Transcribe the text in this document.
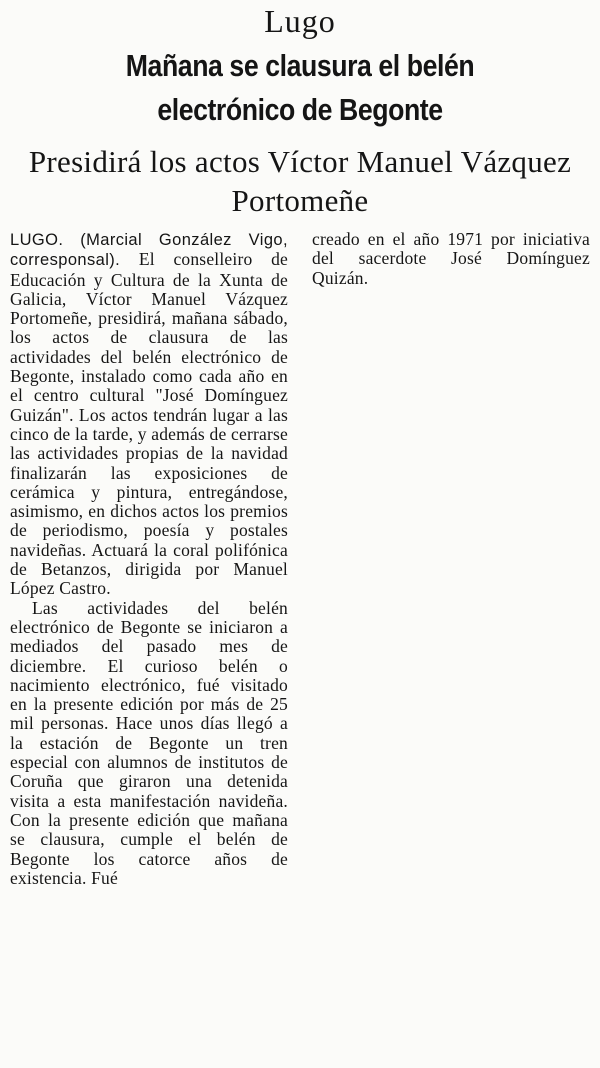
Lugo
Mañana se clausura el belén electrónico de Begonte
Presidirá los actos Víctor Manuel Vázquez Portomeñe

LUGO. (Marcial González Vigo, corresponsal). El conselleiro de Educación y Cultura de la Xunta de Galicia, Víctor Manuel Vázquez Portomeñe, presidirá, mañana sábado, los actos de clausura de las actividades del belén electrónico de Begonte, instalado como cada año en el centro cultural "José Domínguez Guizán". Los actos tendrán lugar a las cinco de la tarde, y además de cerrarse las actividades propias de la navidad finalizarán las exposiciones de cerámica y pintura, entregándose, asimismo, en dichos actos los premios de periodismo, poesía y postales navideñas. Actuará la coral polifónica de Betanzos, dirigida por Manuel López Castro.

Las actividades del belén electrónico de Begonte se iniciaron a mediados del pasado mes de diciembre. El curioso belén o nacimiento electrónico, fué visitado en la presente edición por más de 25 mil personas. Hace unos días llegó a la estación de Begonte un tren especial con alumnos de institutos de Coruña que giraron una detenida visita a esta manifestación navideña. Con la presente edición que mañana se clausura, cumple el belén de Begonte los catorce años de existencia. Fué

creado en el año 1971 por iniciativa del sacerdote José Domínguez Quizán.
